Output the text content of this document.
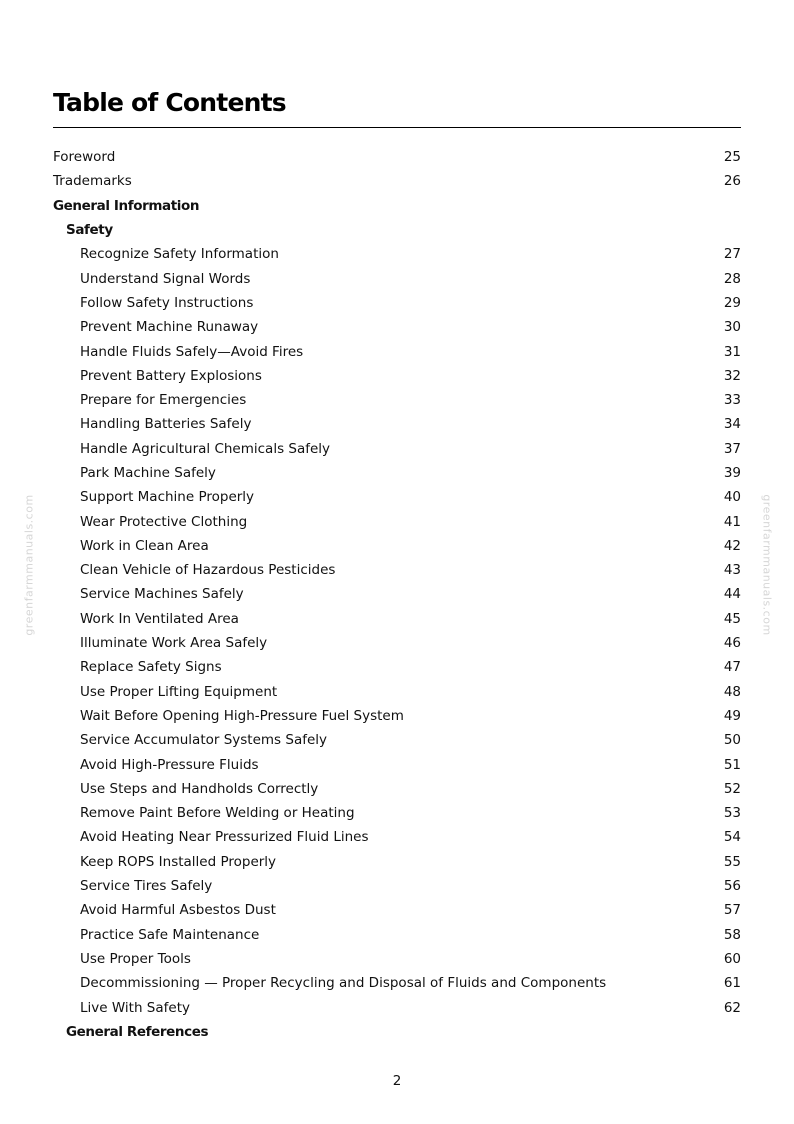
Table of Contents
Foreword	25
Trademarks	26
General Information
Safety
Recognize Safety Information	27
Understand Signal Words	28
Follow Safety Instructions	29
Prevent Machine Runaway	30
Handle Fluids Safely—Avoid Fires	31
Prevent Battery Explosions	32
Prepare for Emergencies	33
Handling Batteries Safely	34
Handle Agricultural Chemicals Safely	37
Park Machine Safely	39
Support Machine Properly	40
Wear Protective Clothing	41
Work in Clean Area	42
Clean Vehicle of Hazardous Pesticides	43
Service Machines Safely	44
Work In Ventilated Area	45
Illuminate Work Area Safely	46
Replace Safety Signs	47
Use Proper Lifting Equipment	48
Wait Before Opening High-Pressure Fuel System	49
Service Accumulator Systems Safely	50
Avoid High-Pressure Fluids	51
Use Steps and Handholds Correctly	52
Remove Paint Before Welding or Heating	53
Avoid Heating Near Pressurized Fluid Lines	54
Keep ROPS Installed Properly	55
Service Tires Safely	56
Avoid Harmful Asbestos Dust	57
Practice Safe Maintenance	58
Use Proper Tools	60
Decommissioning — Proper Recycling and Disposal of Fluids and Components	61
Live With Safety	62
General References
greenfarmmanuals.com	greenfarmmanuals.com
2
